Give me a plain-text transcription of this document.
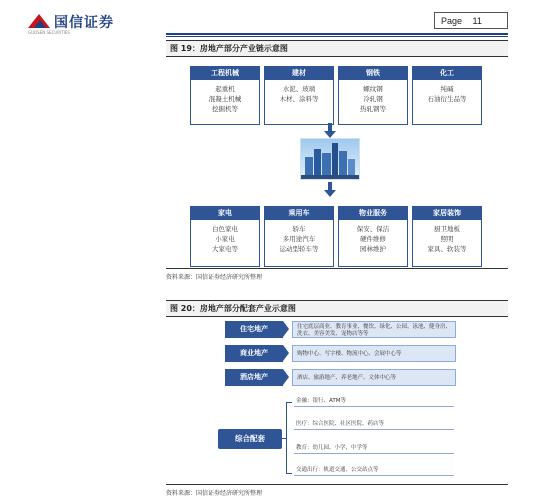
国信证券
GUOSEN SECURITIES
Page 11
图 19：房地产部分产业链示意图
工程机械
起重机
混凝土机械
挖掘机等
建材
水泥、玻璃
木材、涂料等
钢铁
螺纹钢
冷轧钢
热轧钢等
化工
纯碱
石油衍生品等
家电
白色家电
小家电
大家电等
乘用车
轿车
多用途汽车
运动型轿车等
物业服务
保安、保洁
硬件维修
园林维护
家居装饰
厨卫地板
照明
家具、软装等
资料来源：国信证券经济研究所整理
图 20：房地产部分配套产业示意图
住宅地产	住宅底层商业、教育事业、餐饮、绿化、公园、泳池、健身房、洗衣、美容美发、宠物店等等
商业地产	购物中心、写字楼、物流中心、会展中心等
酒店地产	酒店、旅游地产、养老地产、文体中心等
综合配套
金融：银行、ATM等
医疗：综合医院、社区医院、药店等
教育：幼儿园、小学、中学等
交通出行：轨道交通、公交站点等
资料来源：国信证券经济研究所整理
